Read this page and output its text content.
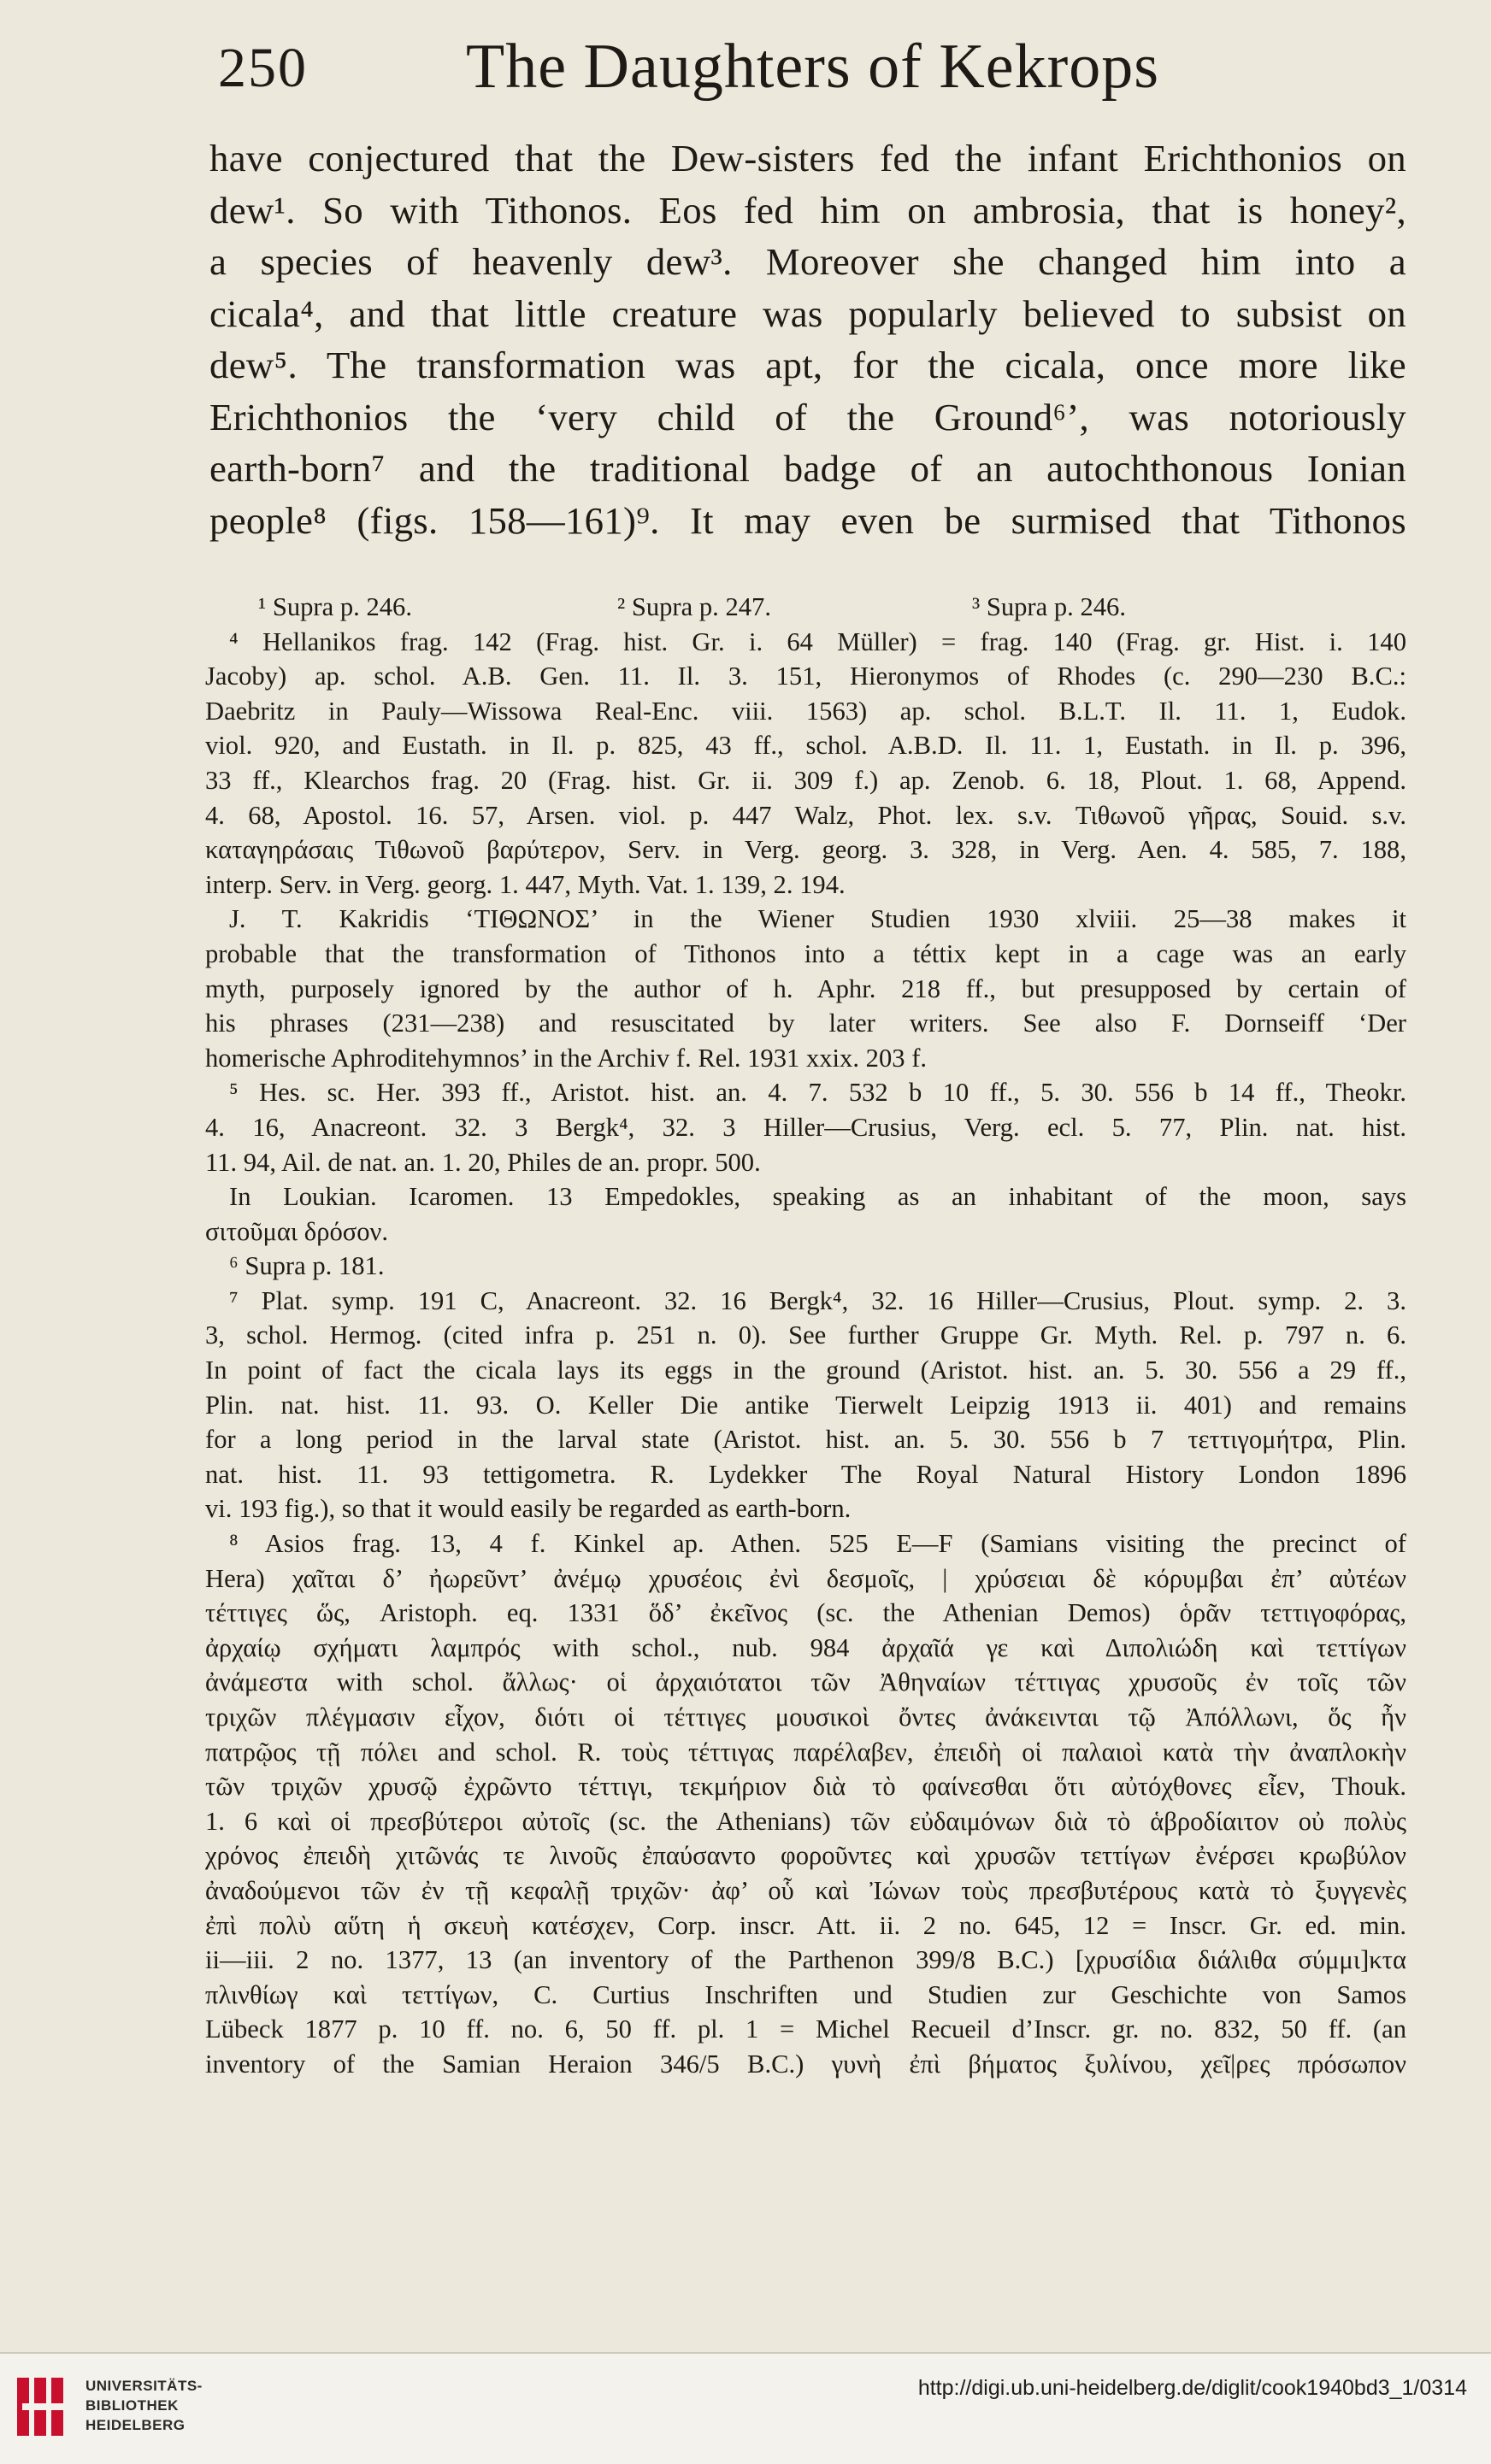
250	The Daughters of Kekrops
have conjectured that the Dew-sisters fed the infant Erichthonios on
dew¹. So with Tithonos. Eos fed him on ambrosia, that is honey²,
a species of heavenly dew³. Moreover she changed him into a
cicala⁴, and that little creature was popularly believed to subsist on
dew⁵. The transformation was apt, for the cicala, once more like
Erichthonios the ‘very child of the Ground⁶’, was notoriously
earth-born⁷ and the traditional badge of an autochthonous Ionian
people⁸ (figs. 158—161)⁹. It may even be surmised that Tithonos
¹ Supra p. 246.	² Supra p. 247.	³ Supra p. 246.
⁴ Hellanikos frag. 142 (Frag. hist. Gr. i. 64 Müller) = frag. 140 (Frag. gr. Hist. i. 140
Jacoby) ap. schol. A.B. Gen. 11. Il. 3. 151, Hieronymos of Rhodes (c. 290—230 B.C.:
Daebritz in Pauly—Wissowa Real-Enc. viii. 1563) ap. schol. B.L.T. Il. 11. 1, Eudok.
viol. 920, and Eustath. in Il. p. 825, 43 ff., schol. A.B.D. Il. 11. 1, Eustath. in Il. p. 396,
33 ff., Klearchos frag. 20 (Frag. hist. Gr. ii. 309 f.) ap. Zenob. 6. 18, Plout. 1. 68, Append.
4. 68, Apostol. 16. 57, Arsen. viol. p. 447 Walz, Phot. lex. s.v. Τιθωνοῦ γῆρας, Souid. s.v.
καταγηράσαις Τιθωνοῦ βαρύτερον, Serv. in Verg. georg. 3. 328, in Verg. Aen. 4. 585, 7. 188,
interp. Serv. in Verg. georg. 1. 447, Myth. Vat. 1. 139, 2. 194.
J. T. Kakridis ‘ΤΙΘΩΝΟΣ’ in the Wiener Studien 1930 xlviii. 25—38 makes it
probable that the transformation of Tithonos into a téttix kept in a cage was an early
myth, purposely ignored by the author of h. Aphr. 218 ff., but presupposed by certain of
his phrases (231—238) and resuscitated by later writers. See also F. Dornseiff ‘Der
homerische Aphroditehymnos’ in the Archiv f. Rel. 1931 xxix. 203 f.
⁵ Hes. sc. Her. 393 ff., Aristot. hist. an. 4. 7. 532 b 10 ff., 5. 30. 556 b 14 ff., Theokr.
4. 16, Anacreont. 32. 3 Bergk⁴, 32. 3 Hiller—Crusius, Verg. ecl. 5. 77, Plin. nat. hist.
11. 94, Ail. de nat. an. 1. 20, Philes de an. propr. 500.
In Loukian. Icaromen. 13 Empedokles, speaking as an inhabitant of the moon, says
σιτοῦμαι δρόσον.
⁶ Supra p. 181.
⁷ Plat. symp. 191 C, Anacreont. 32. 16 Bergk⁴, 32. 16 Hiller—Crusius, Plout. symp. 2. 3.
3, schol. Hermog. (cited infra p. 251 n. 0). See further Gruppe Gr. Myth. Rel. p. 797 n. 6.
In point of fact the cicala lays its eggs in the ground (Aristot. hist. an. 5. 30. 556 a 29 ff.,
Plin. nat. hist. 11. 93. O. Keller Die antike Tierwelt Leipzig 1913 ii. 401) and remains
for a long period in the larval state (Aristot. hist. an. 5. 30. 556 b 7 τεττιγομήτρα, Plin.
nat. hist. 11. 93 tettigometra. R. Lydekker The Royal Natural History London 1896
vi. 193 fig.), so that it would easily be regarded as earth-born.
⁸ Asios frag. 13, 4 f. Kinkel ap. Athen. 525 E—F (Samians visiting the precinct of
Hera) χαῖται δ’ ἠωρεῦντ’ ἀνέμῳ χρυσέοις ἐνὶ δεσμοῖς, | χρύσειαι δὲ κόρυμβαι ἐπ’ αὐτέων
τέττιγες ὥς, Aristoph. eq. 1331 ὅδ’ ἐκεῖνος (sc. the Athenian Demos) ὁρᾶν τεττιγοφόρας,
ἀρχαίῳ σχήματι λαμπρός with schol., nub. 984 ἀρχαῖά γε καὶ Διπολιώδη καὶ τεττίγων
ἀνάμεστα with schol. ἄλλως· οἱ ἀρχαιότατοι τῶν Ἀθηναίων τέττιγας χρυσοῦς ἐν τοῖς τῶν
τριχῶν πλέγμασιν εἶχον, διότι οἱ τέττιγες μουσικοὶ ὄντες ἀνάκεινται τῷ Ἀπόλλωνι, ὅς ἦν
πατρῷος τῇ πόλει and schol. R. τοὺς τέττιγας παρέλαβεν, ἐπειδὴ οἱ παλαιοὶ κατὰ τὴν ἀναπλοκὴν
τῶν τριχῶν χρυσῷ ἐχρῶντο τέττιγι, τεκμήριον διὰ τὸ φαίνεσθαι ὅτι αὐτόχθονες εἶεν, Thouk.
1. 6 καὶ οἱ πρεσβύτεροι αὐτοῖς (sc. the Athenians) τῶν εὐδαιμόνων διὰ τὸ ἁβροδίαιτον οὐ πολὺς
χρόνος ἐπειδὴ χιτῶνάς τε λινοῦς ἐπαύσαντο φοροῦντες καὶ χρυσῶν τεττίγων ἐνέρσει κρωβύλον
ἀναδούμενοι τῶν ἐν τῇ κεφαλῇ τριχῶν· ἀφ’ οὗ καὶ Ἰώνων τοὺς πρεσβυτέρους κατὰ τὸ ξυγγενὲς
ἐπὶ πολὺ αὕτη ἡ σκευὴ κατέσχεν, Corp. inscr. Att. ii. 2 no. 645, 12 = Inscr. Gr. ed. min.
ii—iii. 2 no. 1377, 13 (an inventory of the Parthenon 399/8 B.C.) [χρυσίδια διάλιθα σύμμι]κτα
πλινθίωγ καὶ τεττίγων, C. Curtius Inschriften und Studien zur Geschichte von Samos
Lübeck 1877 p. 10 ff. no. 6, 50 ff. pl. 1 = Michel Recueil d’Inscr. gr. no. 832, 50 ff. (an
inventory of the Samian Heraion 346/5 B.C.) γυνὴ ἐπὶ βήματος ξυλίνου, χεῖ|ρες πρόσωπον
UNIVERSITÄTS-
BIBLIOTHEK
HEIDELBERG
http://digi.ub.uni-heidelberg.de/diglit/cook1940bd3_1/0314
